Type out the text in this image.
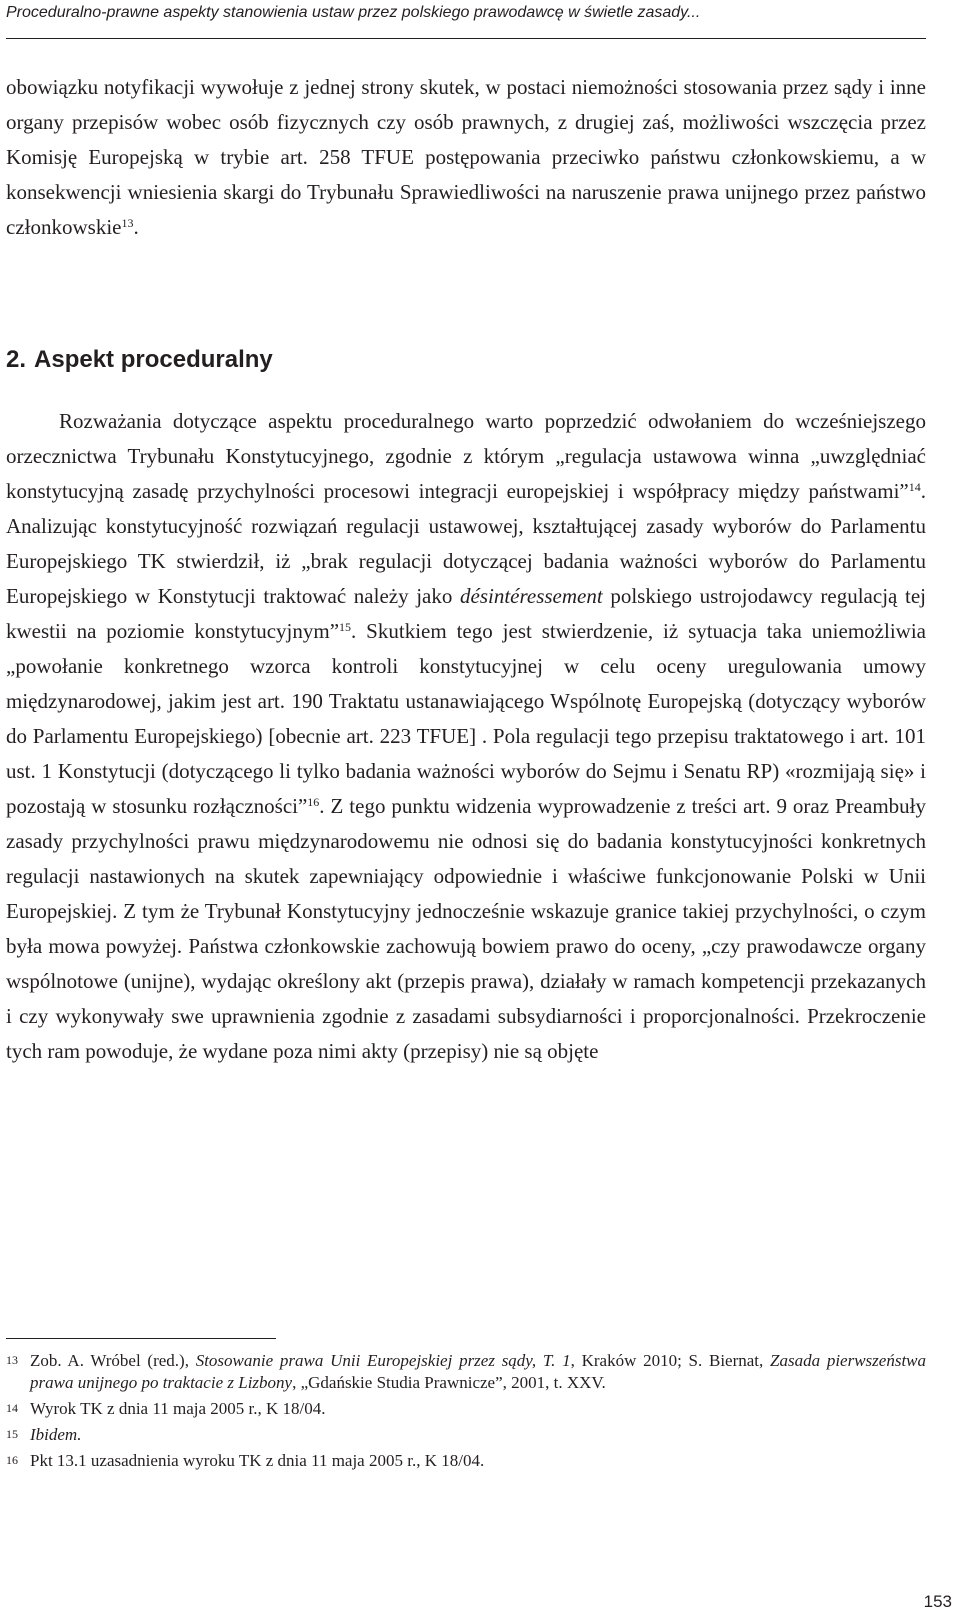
Proceduralno-prawne aspekty stanowienia ustaw przez polskiego prawodawcę w świetle zasady...

obowiązku notyfikacji wywołuje z jednej strony skutek, w postaci niemożności stosowania przez sądy i inne organy przepisów wobec osób fizycznych czy osób prawnych, z drugiej zaś, możliwości wszczęcia przez Komisję Europejską w trybie art. 258 TFUE postępowania przeciwko państwu członkowskiemu, a w konsekwencji wniesienia skargi do Trybunału Sprawiedliwości na naruszenie prawa unijnego przez państwo członkowskie$^{13}$.

2. Aspekt proceduralny

Rozważania dotyczące aspektu proceduralnego warto poprzedzić odwołaniem do wcześniejszego orzecznictwa Trybunału Konstytucyjnego, zgodnie z którym „regulacja ustawowa winna „uwzględniać konstytucyjną zasadę przychylności procesowi integracji europejskiej i współpracy między państwami”$^{14}$. Analizując konstytucyjność rozwiązań regulacji ustawowej, kształtującej zasady wyborów do Parlamentu Europejskiego TK stwierdził, iż „brak regulacji dotyczącej badania ważności wyborów do Parlamentu Europejskiego w Konstytucji traktować należy jako désintéressement polskiego ustrojodawcy regulacją tej kwestii na poziomie konstytucyjnym”$^{15}$. Skutkiem tego jest stwierdzenie, iż sytuacja taka uniemożliwia „powołanie konkretnego wzorca kontroli konstytucyjnej w celu oceny uregulowania umowy międzynarodowej, jakim jest art. 190 Traktatu ustanawiającego Wspólnotę Europejską (dotyczący wyborów do Parlamentu Europejskiego) [obecnie art. 223 TFUE] . Pola regulacji tego przepisu traktatowego i art. 101 ust. 1 Konstytucji (dotyczącego li tylko badania ważności wyborów do Sejmu i Senatu RP) «rozmijają się» i pozostają w stosunku rozłączności”$^{16}$. Z tego punktu widzenia wyprowadzenie z treści art. 9 oraz Preambuły zasady przychylności prawu międzynarodowemu nie odnosi się do badania konstytucyjności konkretnych regulacji nastawionych na skutek zapewniający odpowiednie i właściwe funkcjonowanie Polski w Unii Europejskiej. Z tym że Trybunał Konstytucyjny jednocześnie wskazuje granice takiej przychylności, o czym była mowa powyżej. Państwa członkowskie zachowują bowiem prawo do oceny, „czy prawodawcze organy wspólnotowe (unijne), wydając określony akt (przepis prawa), działały w ramach kompetencji przekazanych i czy wykonywały swe uprawnienia zgodnie z zasadami subsydiarności i proporcjonalności. Przekroczenie tych ram powoduje, że wydane poza nimi akty (przepisy) nie są objęte

13 Zob. A. Wróbel (red.), Stosowanie prawa Unii Europejskiej przez sądy, T. 1, Kraków 2010; S. Biernat, Zasada pierwszeństwa prawa unijnego po traktacie z Lizbony, „Gdańskie Studia Prawnicze”, 2001, t. XXV.
14 Wyrok TK z dnia 11 maja 2005 r., K 18/04.
15 Ibidem.
16 Pkt 13.1 uzasadnienia wyroku TK z dnia 11 maja 2005 r., K 18/04.
153
